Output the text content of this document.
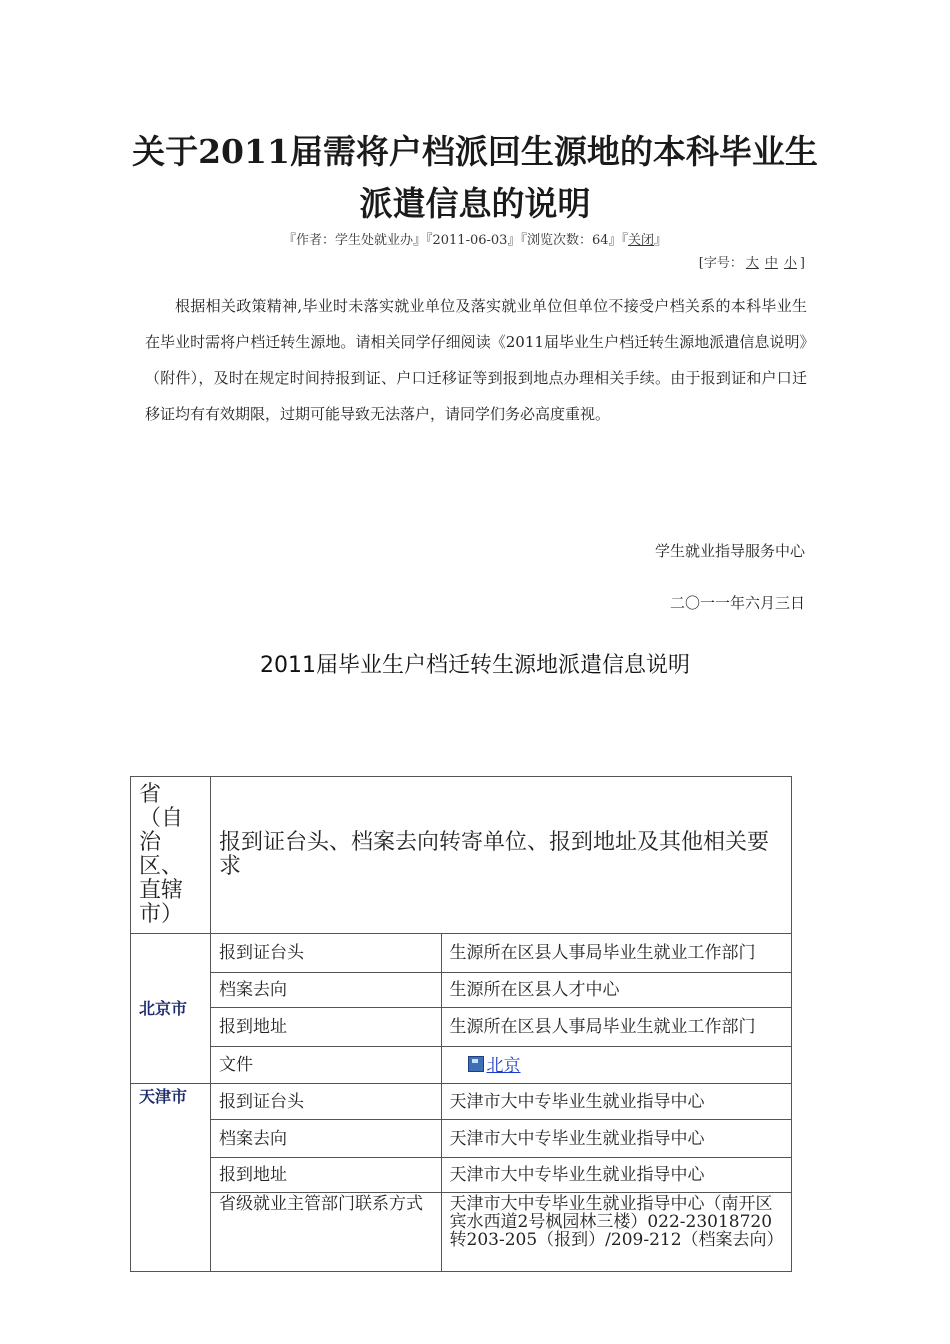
关于2011届需将户档派回生源地的本科毕业生
派遣信息的说明
『作者：学生处就业办』『2011-06-03』『浏览次数：64』『关闭』
[字号： 大 中 小 ]
根据相关政策精神,毕业时未落实就业单位及落实就业单位但单位不接受户档关系的本科毕业生在毕业时需将户档迁转生源地。请相关同学仔细阅读《2011届毕业生户档迁转生源地派遣信息说明》（附件），及时在规定时间持报到证、户口迁移证等到报到地点办理相关手续。由于报到证和户口迁移证均有有效期限，过期可能导致无法落户，请同学们务必高度重视。
学生就业指导服务中心
二〇一一年六月三日
2011届毕业生户档迁转生源地派遣信息说明
省（自治区、直辖市）	报到证台头、档案去向转寄单位、报到地址及其他相关要求	
北京市	报到证台头	生源所在区县人事局毕业生就业工作部门
	档案去向	生源所在区县人才中心
	报到地址	生源所在区县人事局毕业生就业工作部门
	文件	北京
天津市	报到证台头	天津市大中专毕业生就业指导中心
	档案去向	天津市大中专毕业生就业指导中心
	报到地址	天津市大中专毕业生就业指导中心
	省级就业主管部门联系方式	天津市大中专毕业生就业指导中心（南开区宾水西道2号枫园林三楼）022-23018720转203-205（报到）/209-212（档案去向）
